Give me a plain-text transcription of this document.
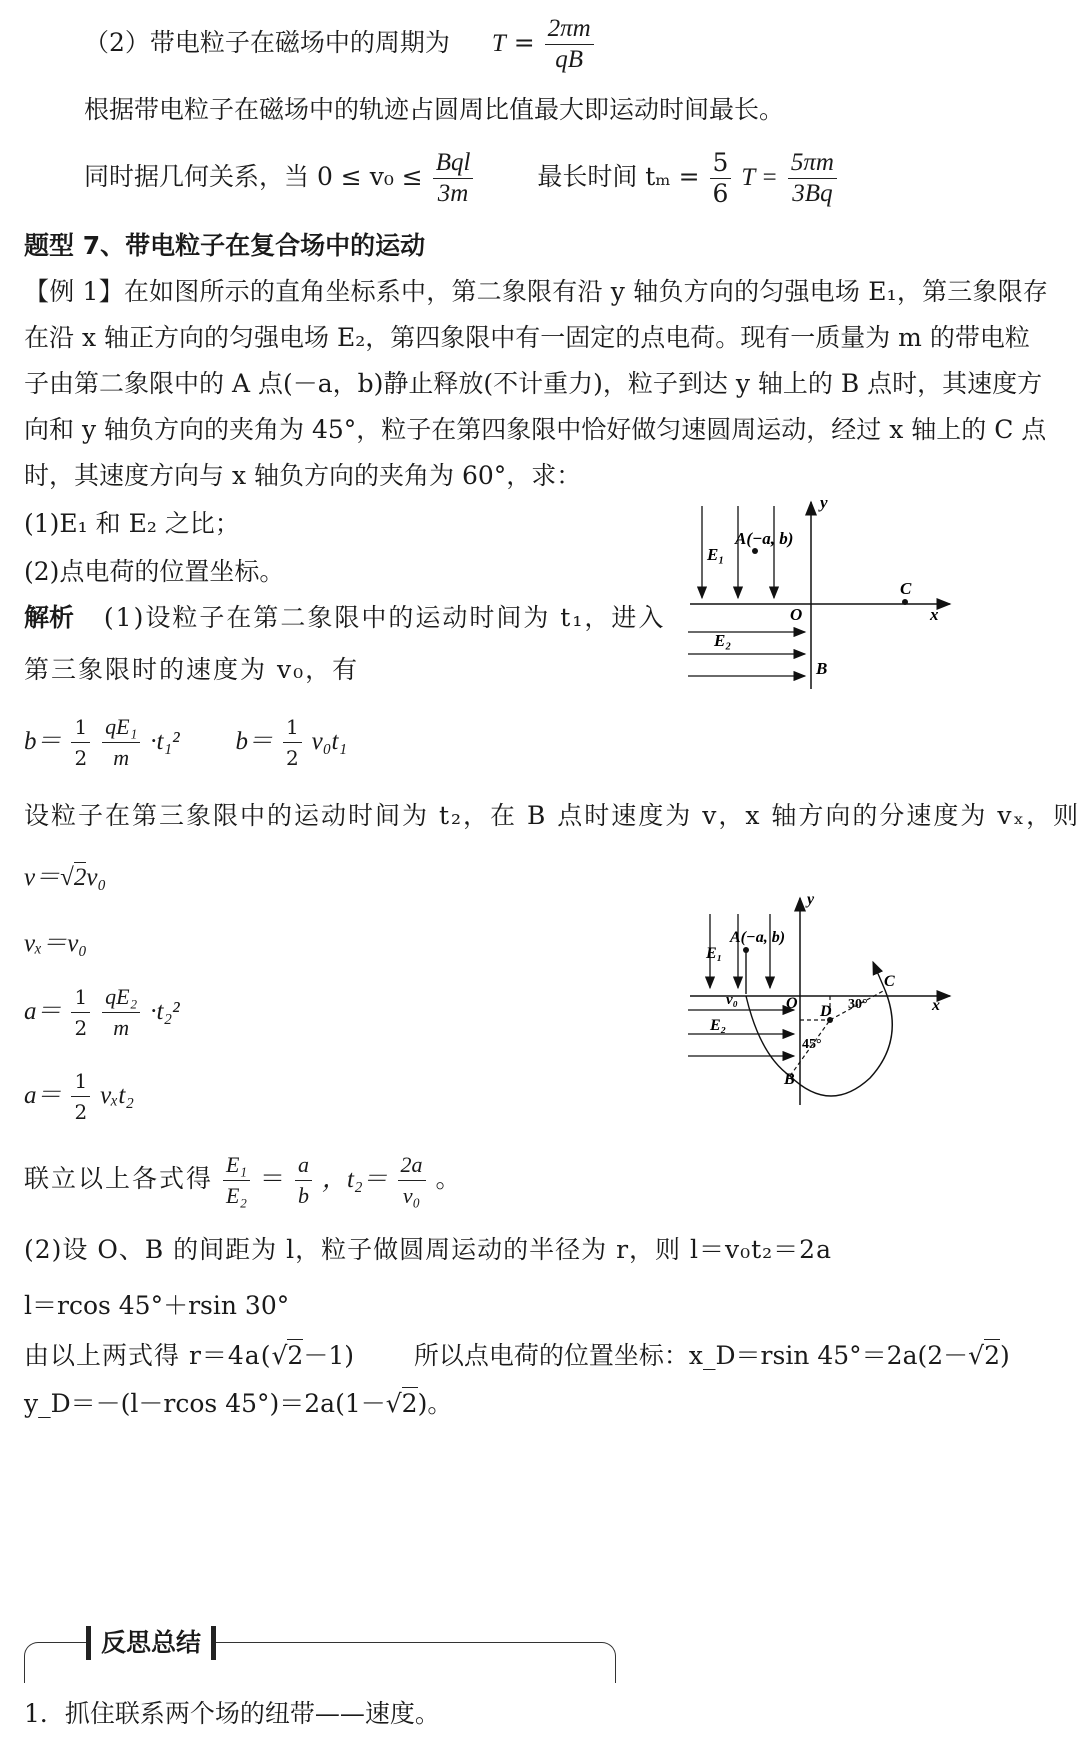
（2）带电粒子在磁场中的周期为 $T = \frac{2\pi m}{qB}$
根据带电粒子在磁场中的轨迹占圆周比值最大即运动时间最长。
同时据几何关系，当 $0 \le v_0 \le \frac{\text{Bql}}{3m}$	最长时间 $t_m = \frac{5}{6}$ $T = \frac{5\pi m}{3Bq}$
题型 7、带电粒子在复合场中的运动
【例 1】在如图所示的直角坐标系中，第二象限有沿 y 轴负方向的匀强电场 E₁，第三象限存
在沿 x 轴正方向的匀强电场 E₂，第四象限中有一固定的点电荷。现有一质量为 m 的带电粒
子由第二象限中的 A 点(－a，b)静止释放(不计重力)，粒子到达 y 轴上的 B 点时，其速度方
向和 y 轴负方向的夹角为 45°，粒子在第四象限中恰好做匀速圆周运动，经过 x 轴上的 C 点
时，其速度方向与 x 轴负方向的夹角为 60°，求：
(1)E₁ 和 E₂ 之比；
(2)点电荷的位置坐标。
解析 (1)设粒子在第二象限中的运动时间为 t₁，进入
第三象限时的速度为 v₀，有
$b= \frac{1}{2}$
$\frac{\text{qE₁}}{m} \cdot t_1^2$ $b= \frac{1}{2} v_0t_1$
设粒子在第三象限中的运动时间为 t₂，在 B 点时速度为 v，x 轴方向的分速度为 vₓ，则
v＝√2v₀
vₓ＝v₀
$a= \frac{1}{2}$
$\frac{\text{qE₂}}{m} \cdot t_2^2$
$a= \frac{1}{2} v_xt_2$
联立以上各式得 $\frac{\text{E₁}}{\text{E₂}} = \frac{a}{b}$ ，$t_2= \frac{2a}{\text{v₀}}$ 。
(2)设 O、B 的间距为 l，粒子做圆周运动的半径为 r，则 l＝v₀t₂＝2a
l＝rcos 45°＋rsin 30°
由以上两式得 r＝4a(√2－1) 所以点电荷的位置坐标：x_D＝rsin 45°＝2a(2－√2)
y_D＝－(l－rcos 45°)＝2a(1－√2)。
反思总结
1．抓住联系两个场的纽带——速度。
y
x
O
A(−a, b)
E₁
E₂
B
C
y
x
O
A(−a, b)
E₁
E₂
v₀
B
C
D
45°
30°
